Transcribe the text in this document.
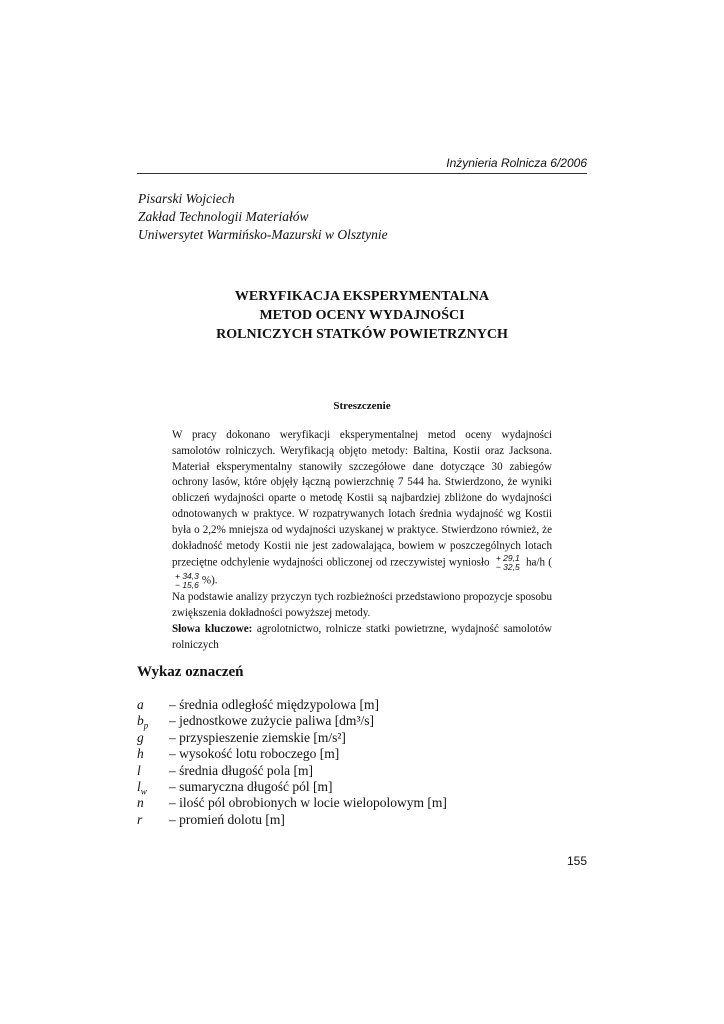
Inżynieria Rolnicza 6/2006
Pisarski Wojciech
Zakład Technologii Materiałów
Uniwersytet Warmińsko-Mazurski w Olsztynie
WERYFIKACJA EKSPERYMENTALNA
METOD OCENY WYDAJNOŚCI
ROLNICZYCH STATKÓW POWIETRZNYCH
Streszczenie

W pracy dokonano weryfikacji eksperymentalnej metod oceny wydajności samolotów rolniczych. Weryfikacją objęto metody: Baltina, Kostii oraz Jacksona. Materiał eksperymentalny stanowiły szczegółowe dane dotyczące 30 zabiegów ochrony lasów, które objęły łączną powierzchnię 7 544 ha. Stwierdzono, że wyniki obliczeń wydajności oparte o metodę Kostii są najbardziej zbliżone do wydajności odnotowanych w praktyce. W rozpatrywanych lotach średnia wydajność wg Kostii była o 2,2% mniejsza od wydajności uzyskanej w praktyce. Stwierdzono również, że dokładność metody Kostii nie jest zadowalająca, bowiem w poszczególnych lotach przeciętne odchylenie wydajności obliczonej od rzeczywistej wyniosło + 29,1
− 32,5 ha/h (
+ 34,3
− 15,6 %).

Na podstawie analizy przyczyn tych rozbieżności przedstawiono propozycje sposobu zwiększenia dokładności powyższej metody.

Słowa kluczowe: agrolotnictwo, rolnicze statki powietrzne, wydajność samolotów rolniczych
Wykaz oznaczeń
a – średnia odległość międzypolowa [m]
$b_p$ – jednostkowe zużycie paliwa [dm³/s]
g – przyspieszenie ziemskie [m/s²]
h – wysokość lotu roboczego [m]
l – średnia długość pola [m]
$l_w$ – sumaryczna długość pól [m]
n – ilość pól obrobionych w locie wielopolowym [m]
r – promień dolotu [m]
155
